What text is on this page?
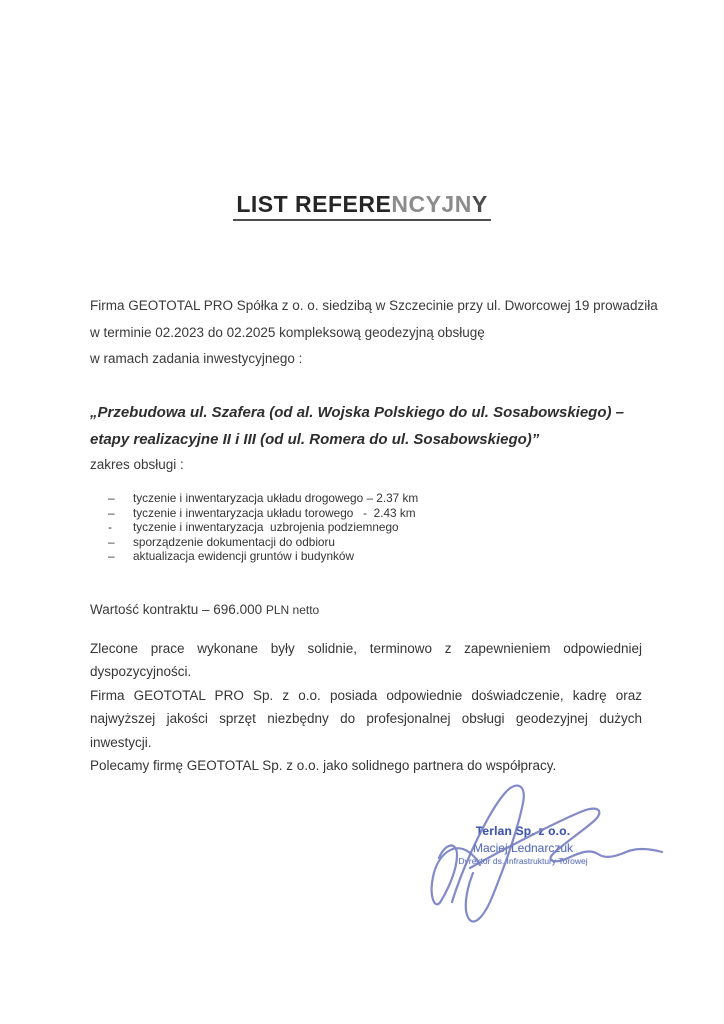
LIST REFERENCYJNY
Firma GEOTOTAL PRO Spółka z o. o. siedzibą w Szczecinie przy ul. Dworcowej 19 prowadziła
w terminie 02.2023 do 02.2025 kompleksową geodezyjną obsługę
w ramach zadania inwestycyjnego :
„Przebudowa ul. Szafera (od al. Wojska Polskiego do ul. Sosabowskiego) –
etapy realizacyjne II i III (od ul. Romera do ul. Sosabowskiego)”
zakres obsługi :
–	tyczenie i inwentaryzacja układu drogowego – 2.37 km
–	tyczenie i inwentaryzacja układu torowego   -  2.43 km
-	tyczenie i inwentaryzacja  uzbrojenia podziemnego
–	sporządzenie dokumentacji do odbioru
–	aktualizacja ewidencji gruntów i budynków
Wartość kontraktu – 696.000 PLN netto
Zlecone prace wykonane były solidnie, terminowo z zapewnieniem odpowiedniej
dyspozycyjności.
Firma GEOTOTAL PRO Sp. z o.o. posiada odpowiednie doświadczenie, kadrę oraz
najwyższej jakości sprzęt niezbędny do profesjonalnej obsługi geodezyjnej dużych inwestycji.
Polecamy firmę GEOTOTAL Sp. z o.o. jako solidnego partnera do współpracy.
Terlan Sp. z o.o.
Maciej Lednarczuk
Dyrektor ds. Infrastruktury Torowej
